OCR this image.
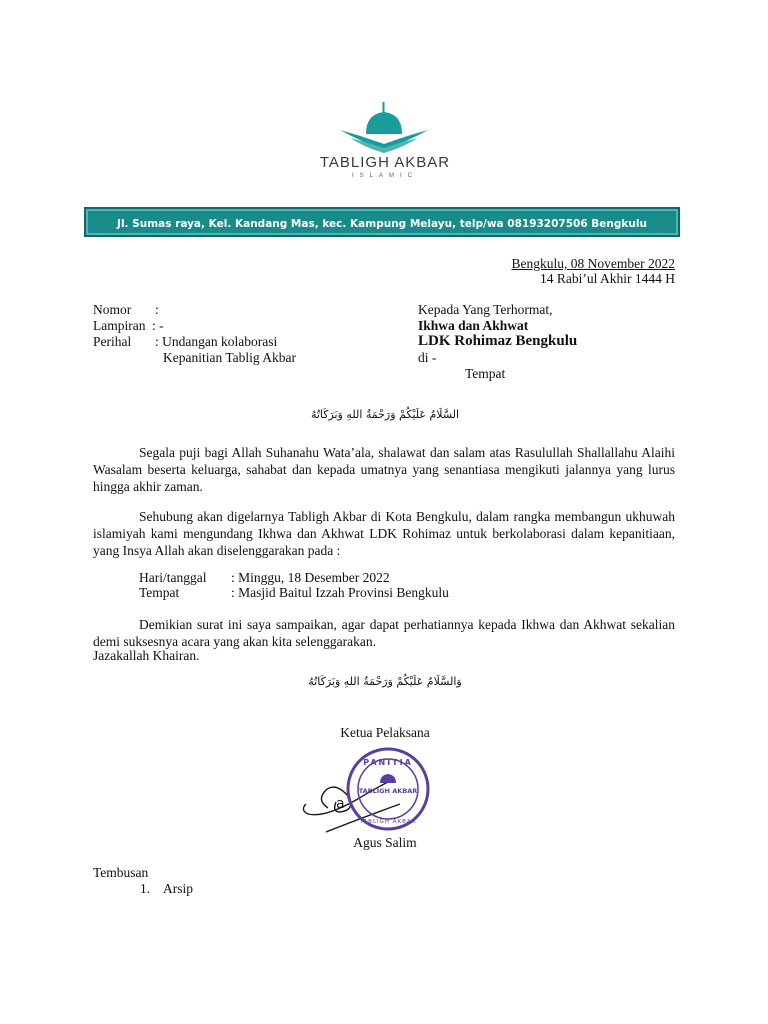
TABLIGH AKBAR
ISLAMIC
Jl. Sumas raya, Kel. Kandang Mas, kec. Kampung Melayu, telp/wa 08193207506 Bengkulu
Bengkulu, 08 November 2022
14 Rabi’ul Akhir 1444 H
Nomor :
Lampiran : -
Perihal : Undangan kolaborasi
Kepanitian Tablig Akbar
Kepada Yang Terhormat,
Ikhwa dan Akhwat
LDK Rohimaz Bengkulu
di -
Tempat
السَّلَامُ عَلَيْكُمْ وَرَحْمَةُ اللهِ وَبَرَكَاتُهُ
Segala puji bagi Allah Suhanahu Wata’ala, shalawat dan salam atas Rasulullah Shallallahu Alaihi Wasalam beserta keluarga, sahabat dan kepada umatnya yang senantiasa mengikuti jalannya yang lurus hingga akhir zaman.
Sehubung akan digelarnya Tabligh Akbar di Kota Bengkulu, dalam rangka membangun ukhuwah islamiyah kami mengundang Ikhwa dan Akhwat LDK Rohimaz untuk berkolaborasi dalam kepanitiaan, yang Insya Allah akan diselenggarakan pada :
Hari/tanggal : Minggu, 18 Desember 2022
Tempat	: Masjid Baitul Izzah Provinsi Bengkulu
Demikian surat ini saya sampaikan, agar dapat perhatiannya kepada Ikhwa dan Akhwat sekalian demi suksesnya acara yang akan kita selenggarakan.
Jazakallah Khairan.
وَالسَّلَامُ عَلَيْكُمْ وَرَحْمَةُ اللهِ وَبَرَكَاتُهُ
Ketua Pelaksana
a
PANITIA
TABLIGH AKBAR
TABLIGH AKBAR
Agus Salim
Tembusan
1. Arsip
